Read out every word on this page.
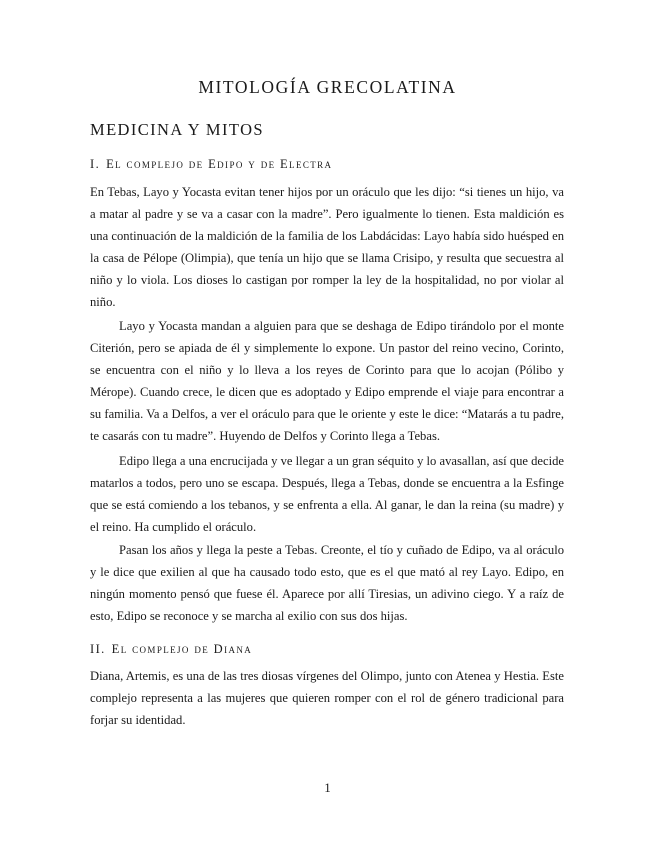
MITOLOGÍA GRECOLATINA
MEDICINA Y MITOS
I. El complejo de Edipo y de Electra

En Tebas, Layo y Yocasta evitan tener hijos por un oráculo que les dijo: “si tienes un hijo, va a matar al padre y se va a casar con la madre”. Pero igualmente lo tienen. Esta maldición es una continuación de la maldición de la familia de los Labdácidas: Layo había sido huésped en la casa de Pélope (Olimpia), que tenía un hijo que se llama Crisipo, y resulta que secuestra al niño y lo viola. Los dioses lo castigan por romper la ley de la hospitalidad, no por violar al niño.

Layo y Yocasta mandan a alguien para que se deshaga de Edipo tirándolo por el monte Citerión, pero se apiada de él y simplemente lo expone. Un pastor del reino vecino, Corinto, se encuentra con el niño y lo lleva a los reyes de Corinto para que lo acojan (Pólibo y Mérope). Cuando crece, le dicen que es adoptado y Edipo emprende el viaje para encontrar a su familia. Va a Delfos, a ver el oráculo para que le oriente y este le dice: “Matarás a tu padre, te casarás con tu madre”. Huyendo de Delfos y Corinto llega a Tebas.

Edipo llega a una encrucijada y ve llegar a un gran séquito y lo avasallan, así que decide matarlos a todos, pero uno se escapa. Después, llega a Tebas, donde se encuentra a la Esfinge que se está comiendo a los tebanos, y se enfrenta a ella. Al ganar, le dan la reina (su madre) y el reino. Ha cumplido el oráculo.

Pasan los años y llega la peste a Tebas. Creonte, el tío y cuñado de Edipo, va al oráculo y le dice que exilien al que ha causado todo esto, que es el que mató al rey Layo. Edipo, en ningún momento pensó que fuese él. Aparece por allí Tiresias, un adivino ciego. Y a raíz de esto, Edipo se reconoce y se marcha al exilio con sus dos hijas.

II. El complejo de Diana

Diana, Artemis, es una de las tres diosas vírgenes del Olimpo, junto con Atenea y Hestia. Este complejo representa a las mujeres que quieren romper con el rol de género tradicional para forjar su identidad.

1
